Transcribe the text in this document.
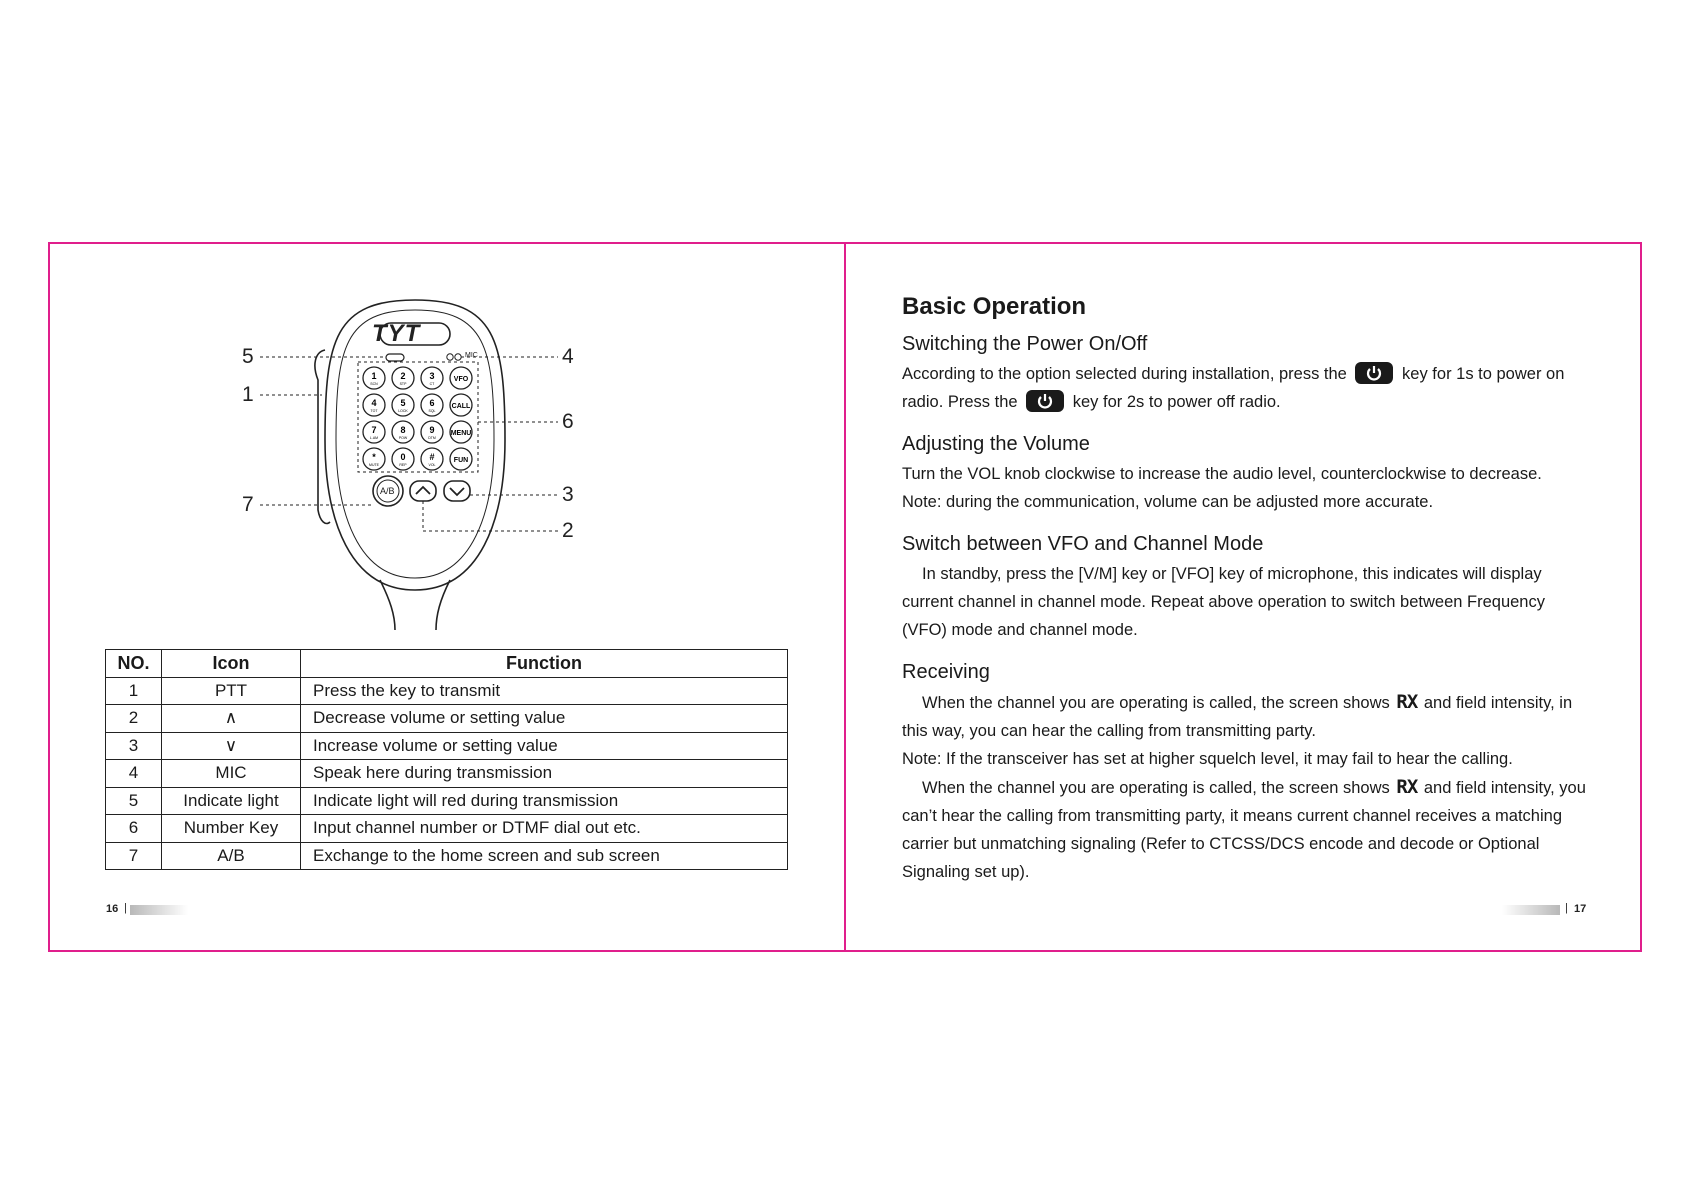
1
SCN
2
STP
3
CT
VFO
4
TOT
5
LOCK
6
SQL
CALL
7
L.AM
8
POW
9
DTM
MENU
*
MUTE
0
REP
#
VOL
FUN
TYT
MIC
A/B
5
1
7
4
6
3
2
NO.	Icon	Function
1	PTT	Press the key to transmit
2	∧	Decrease volume or setting value
3	∨	Increase volume or setting value
4	MIC	Speak here during transmission
5	Indicate light	Indicate light will red during transmission
6	Number Key	Input channel number or DTMF dial out etc.
7	A/B	Exchange to the home screen and sub screen
16 |
Basic Operation
Switching the Power On/Off

According to the option selected during installation, press the	key for 1s to power on radio. Press the	key for 2s to power off radio.

Adjusting the Volume

Turn the VOL knob clockwise to increase the audio level, counterclockwise to decrease.

Note: during the communication, volume can be adjusted more accurate.

Switch between VFO and Channel Mode

In standby, press the [V/M] key or [VFO] key of microphone, this indicates will display current channel in channel mode. Repeat above operation to switch between Frequency (VFO) mode and channel mode.

Receiving

When the channel you are operating is called, the screen shows RX and field intensity, in this way, you can hear the calling from transmitting party.

Note: If the transceiver has set at higher squelch level, it may fail to hear the calling.

When the channel you are operating is called, the screen shows RX and field intensity, you can’t hear the calling from transmitting party, it means current channel receives a matching carrier but unmatching signaling (Refer to CTCSS/DCS encode and decode or Optional Signaling set up).

| 17
